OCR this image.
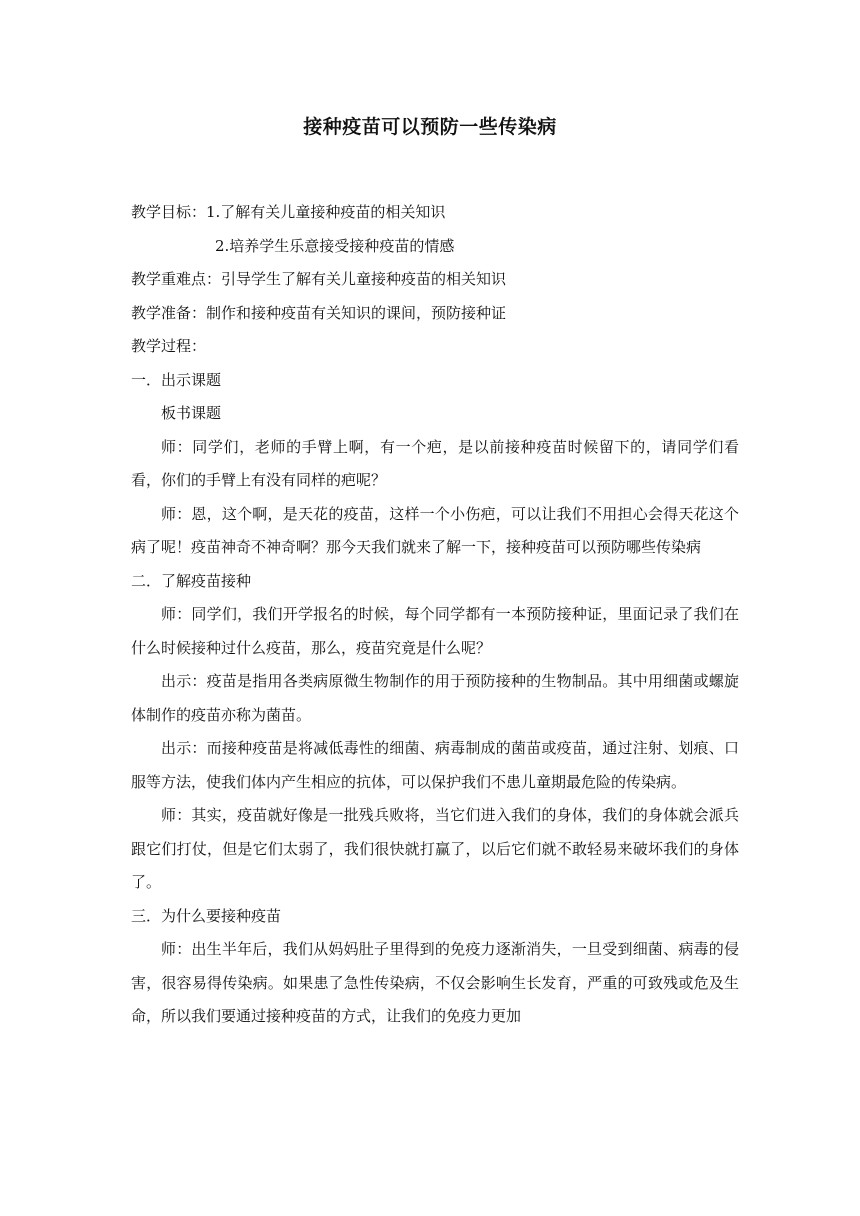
接种疫苗可以预防一些传染病

教学目标：1.了解有关儿童接种疫苗的相关知识

2.培养学生乐意接受接种疫苗的情感

教学重难点：引导学生了解有关儿童接种疫苗的相关知识

教学准备：制作和接种疫苗有关知识的课间，预防接种证

教学过程：

一．出示课题

板书课题

师：同学们，老师的手臂上啊，有一个疤，是以前接种疫苗时候留下的，请同学们看看，你们的手臂上有没有同样的疤呢？

师：恩，这个啊，是天花的疫苗，这样一个小伤疤，可以让我们不用担心会得天花这个病了呢！疫苗神奇不神奇啊？那今天我们就来了解一下，接种疫苗可以预防哪些传染病

二．了解疫苗接种

师：同学们，我们开学报名的时候，每个同学都有一本预防接种证，里面记录了我们在什么时候接种过什么疫苗，那么，疫苗究竟是什么呢？

出示：疫苗是指用各类病原微生物制作的用于预防接种的生物制品。其中用细菌或螺旋体制作的疫苗亦称为菌苗。

出示：而接种疫苗是将减低毒性的细菌、病毒制成的菌苗或疫苗，通过注射、划痕、口服等方法，使我们体内产生相应的抗体，可以保护我们不患儿童期最危险的传染病。

师：其实，疫苗就好像是一批残兵败将，当它们进入我们的身体，我们的身体就会派兵跟它们打仗，但是它们太弱了，我们很快就打赢了，以后它们就不敢轻易来破坏我们的身体了。

三．为什么要接种疫苗

师：出生半年后，我们从妈妈肚子里得到的免疫力逐渐消失，一旦受到细菌、病毒的侵害，很容易得传染病。如果患了急性传染病，不仅会影响生长发育，严重的可致残或危及生命，所以我们要通过接种疫苗的方式，让我们的免疫力更加
